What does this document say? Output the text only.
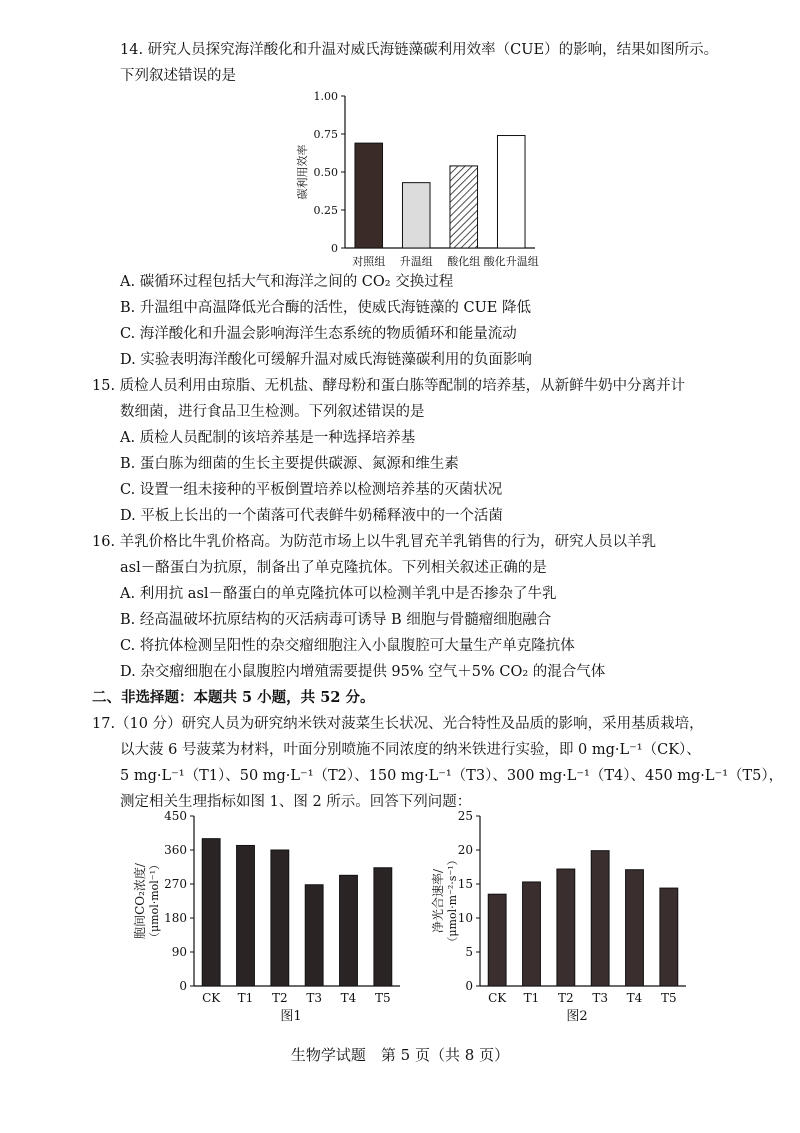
14. 研究人员探究海洋酸化和升温对威氏海链藻碳利用效率（CUE）的影响，结果如图所示。
下列叙述错误的是
0
0.25
0.50
0.75
1.00
对照组 升温组 酸化组 酸化升温组
碳利用效率
A. 碳循环过程包括大气和海洋之间的 CO₂ 交换过程
B. 升温组中高温降低光合酶的活性，使威氏海链藻的 CUE 降低
C. 海洋酸化和升温会影响海洋生态系统的物质循环和能量流动
D. 实验表明海洋酸化可缓解升温对威氏海链藻碳利用的负面影响
15. 质检人员利用由琼脂、无机盐、酵母粉和蛋白胨等配制的培养基，从新鲜牛奶中分离并计
数细菌，进行食品卫生检测。下列叙述错误的是
A. 质检人员配制的该培养基是一种选择培养基
B. 蛋白胨为细菌的生长主要提供碳源、氮源和维生素
C. 设置一组未接种的平板倒置培养以检测培养基的灭菌状况
D. 平板上长出的一个菌落可代表鲜牛奶稀释液中的一个活菌
16. 羊乳价格比牛乳价格高。为防范市场上以牛乳冒充羊乳销售的行为，研究人员以羊乳
asl－酪蛋白为抗原，制备出了单克隆抗体。下列相关叙述正确的是
A. 利用抗 asl－酪蛋白的单克隆抗体可以检测羊乳中是否掺杂了牛乳
B. 经高温破坏抗原结构的灭活病毒可诱导 B 细胞与骨髓瘤细胞融合
C. 将抗体检测呈阳性的杂交瘤细胞注入小鼠腹腔可大量生产单克隆抗体
D. 杂交瘤细胞在小鼠腹腔内增殖需要提供 95% 空气＋5% CO₂ 的混合气体
二、非选择题：本题共 5 小题，共 52 分。
17.（10 分）研究人员为研究纳米铁对菠菜生长状况、光合特性及品质的影响，采用基质栽培，
以大菠 6 号菠菜为材料，叶面分别喷施不同浓度的纳米铁进行实验，即 0 mg·L⁻¹（CK）、
5 mg·L⁻¹（T1）、50 mg·L⁻¹（T2）、150 mg·L⁻¹（T3）、300 mg·L⁻¹（T4）、450 mg·L⁻¹（T5），
测定相关生理指标如图 1、图 2 所示。回答下列问题：
0
90
180
270
360
450
CK T1 T2 T3 T4 T5
胞间CO₂浓度/ （μmol·mol⁻¹）
图1
0
5
10
15
20
25
CK T1 T2 T3 T4 T5
净光合速率/ （μmol·m⁻²·s⁻¹）
图2
生物学试题　第 5 页（共 8 页）
